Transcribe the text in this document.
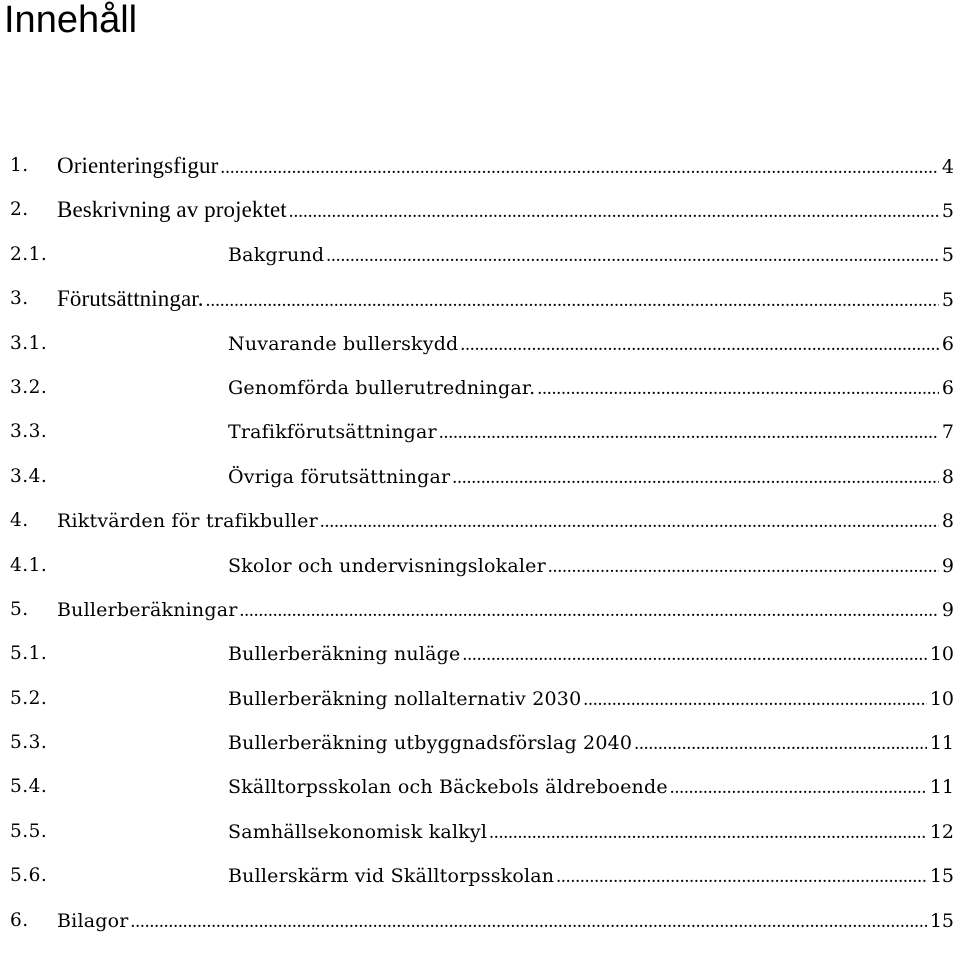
Innehåll
1. Orienteringsfigur .....	4
2. Beskrivning av projektet .....	5
2.1.	Bakgrund .....	5
3. Förutsättningar. .....	5
3.1.	Nuvarande bullerskydd .....	6
3.2.	Genomförda bullerutredningar. .....	6
3.3.	Trafikförutsättningar .....	7
3.4.	Övriga förutsättningar .....	8
4. Riktvärden för trafikbuller .....	8
4.1.	Skolor och undervisningslokaler .....	9
5. Bullerberäkningar .....	9
5.1.	Bullerberäkning nuläge .....	10
5.2.	Bullerberäkning nollalternativ 2030 .....	10
5.3.	Bullerberäkning utbyggnadsförslag 2040 .....	11
5.4.	Skälltorpsskolan och Bäckebols äldreboende .....	11
5.5.	Samhällsekonomisk kalkyl .....	12
5.6.	Bullerskärm vid Skälltorpsskolan .....	15
6. Bilagor .....	15
